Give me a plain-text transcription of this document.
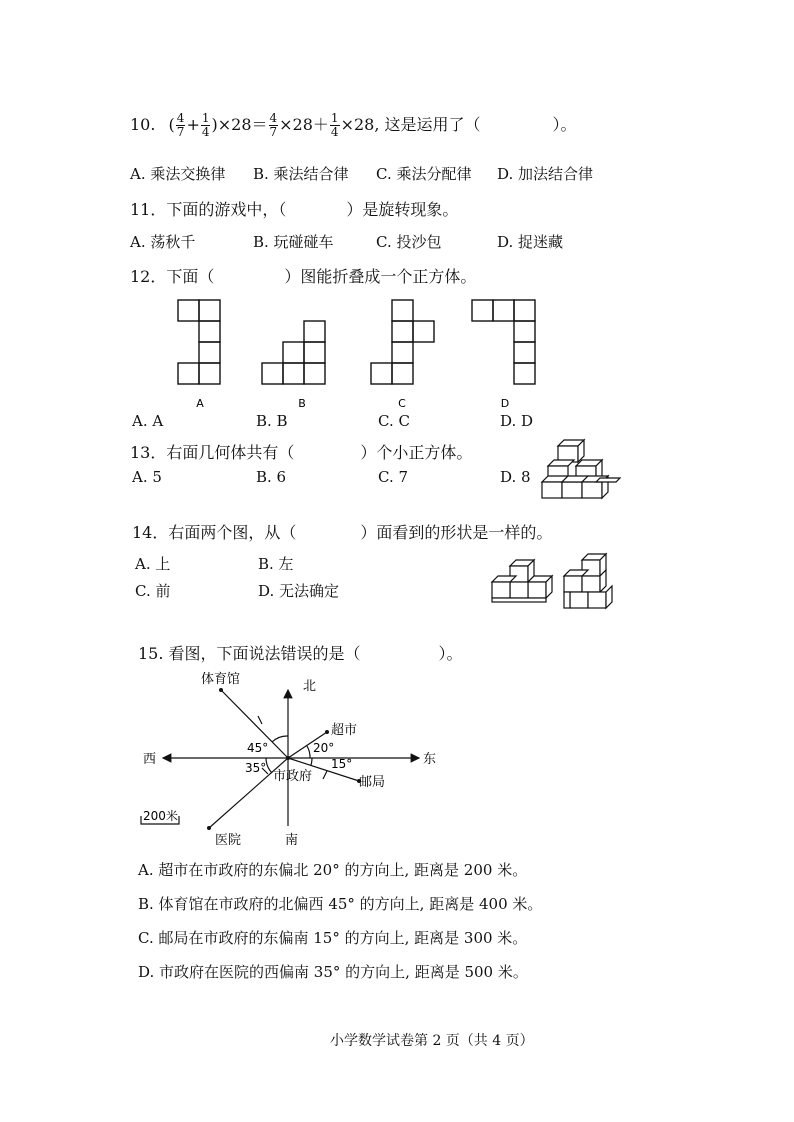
10. ( $\frac{4}{7} + \frac{1}{4} )\times 28= \frac{4}{7} \times 28+ \frac{1}{4} \times 28$, 这是运用了（	）。
A. 乘法交换律 B. 乘法结合律 C. 乘法分配律 D. 加法结合律
11．下面的游戏中，（	）是旋转现象。
A. 荡秋千	B. 玩碰碰车	C. 投沙包	D. 捉迷藏
12．下面（	）图能折叠成一个正方体。
A	B	C	D
A. A	B. B	C. C	D. D
13．右面几何体共有（	）个小正方体。
A. 5	B. 6	C. 7	D. 8
14．右面两个图，从（	）面看到的形状是一样的。
A. 上	B. 左
C. 前	D. 无法确定
15. 看图，下面说法错误的是（	）。
北
南
东
西
体育馆
超市
邮局
医院
市政府
200米
45°	20°
15°
35°
A. 超市在市政府的东偏北 20° 的方向上, 距离是 200 米。
B. 体育馆在市政府的北偏西 45° 的方向上, 距离是 400 米。
C. 邮局在市政府的东偏南 15° 的方向上, 距离是 300 米。
D. 市政府在医院的西偏南 35° 的方向上, 距离是 500 米。
小学数学试卷第 2 页（共 4 页）
